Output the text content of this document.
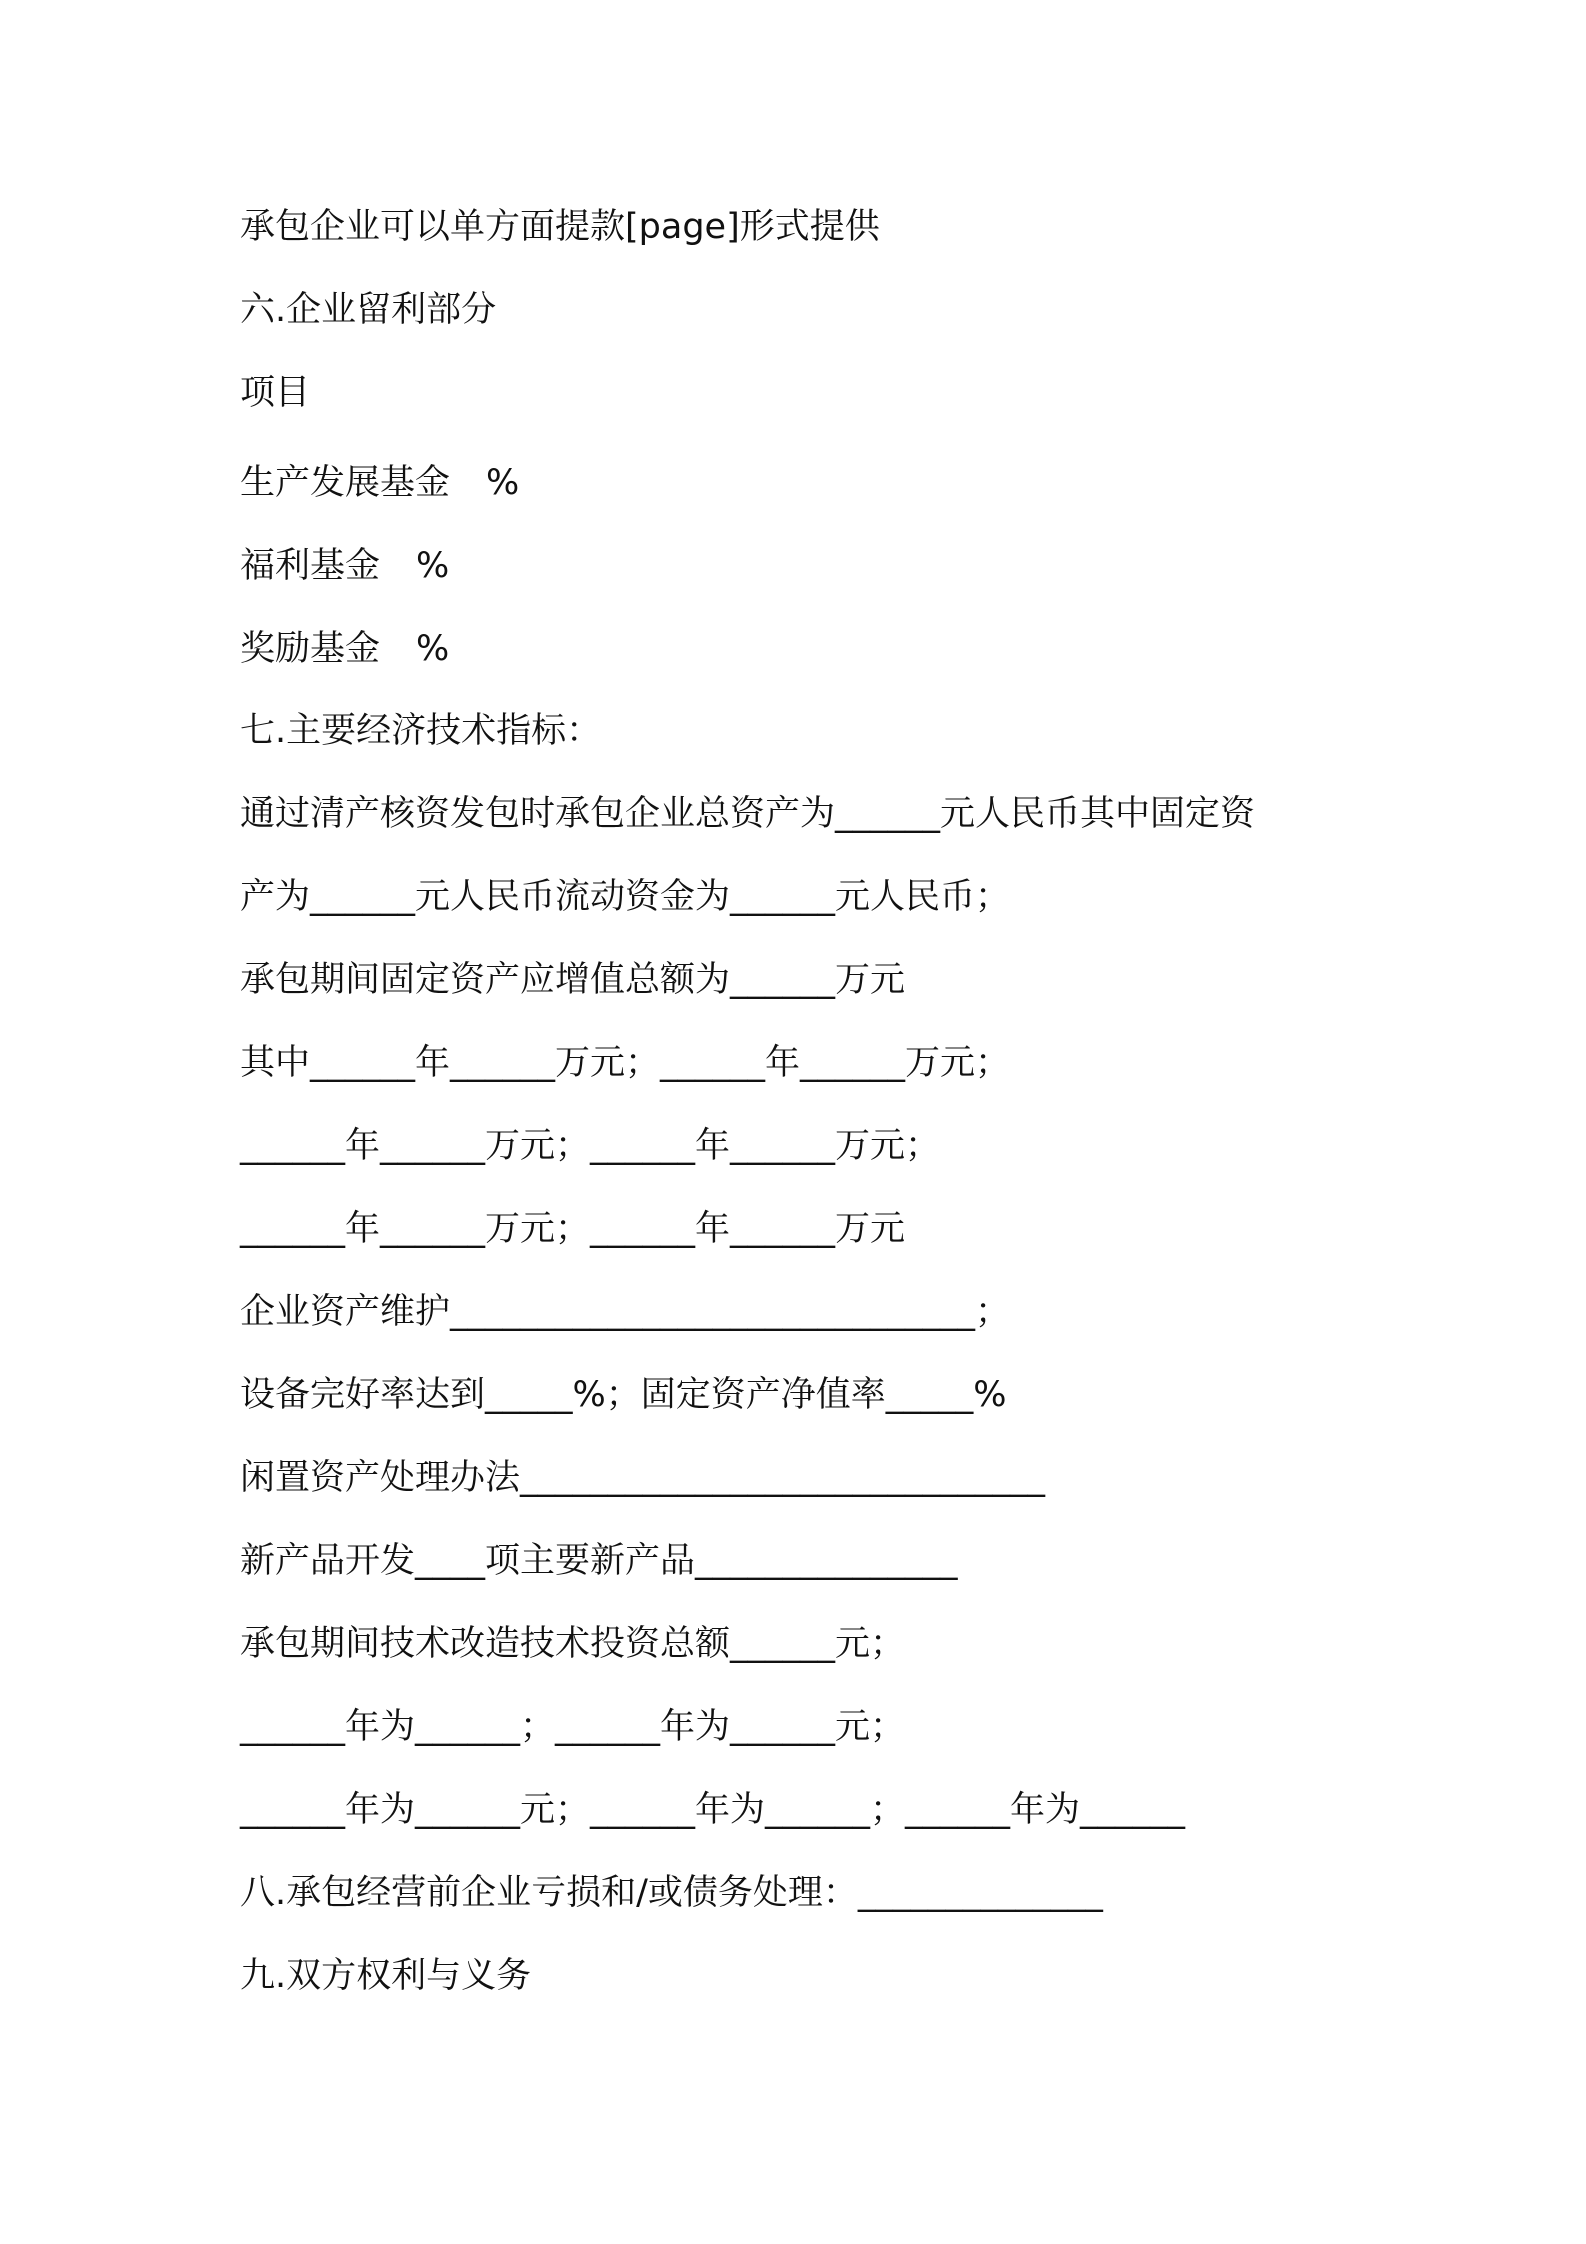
承包企业可以单方面提款[page]形式提供
六.企业留利部分
项目
生产发展基金 %
福利基金 %
奖励基金 %
七.主要经济技术指标：
通过清产核资发包时承包企业总资产为______元人民币其中固定资
产为______元人民币流动资金为______元人民币；
承包期间固定资产应增值总额为______万元
其中______年______万元；______年______万元；
______年______万元；______年______万元；
______年______万元；______年______万元
企业资产维护______________________________；
设备完好率达到_____%；固定资产净值率_____%
闲置资产处理办法______________________________
新产品开发____项主要新产品_______________
承包期间技术改造技术投资总额______元；
______年为______；______年为______元；
______年为______元；______年为______；______年为______
八.承包经营前企业亏损和/或债务处理：______________
九.双方权利与义务
